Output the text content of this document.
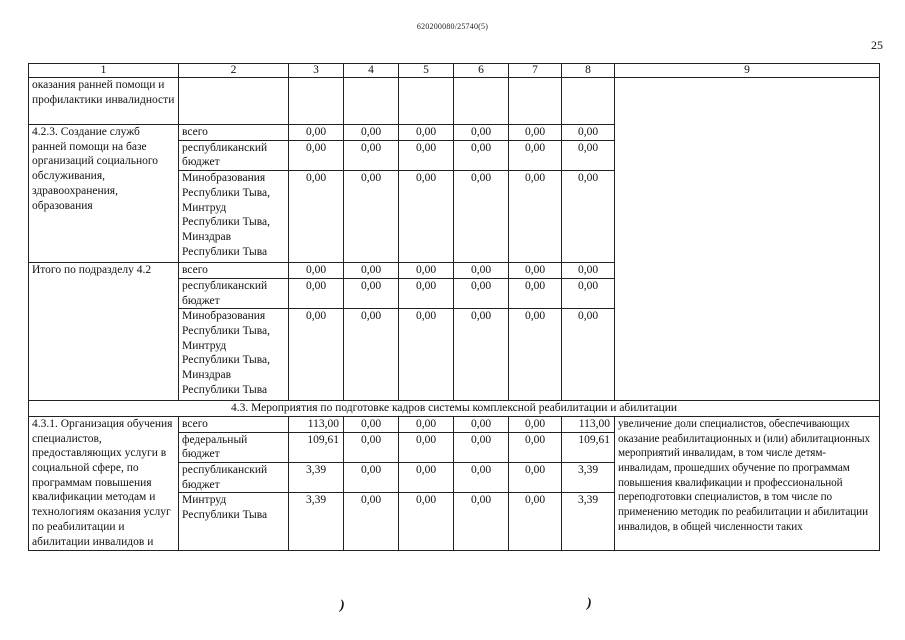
620200080/25740(5)
25
1	2	3	4	5	6	7	8	9
оказания ранней помощи и профилактики инвалидности								
4.2.3. Создание служб ранней помощи на базе организаций социального обслуживания, здравоохранения, образования	всего	0,00	0,00	0,00	0,00	0,00	0,00	
	республиканский бюджет	0,00	0,00	0,00	0,00	0,00	0,00	
	Минобразования Республики Тыва, Минтруд Республики Тыва, Минздрав Республики Тыва	0,00	0,00	0,00	0,00	0,00	0,00	
Итого по подразделу 4.2	всего	0,00	0,00	0,00	0,00	0,00	0,00	
	республиканский бюджет	0,00	0,00	0,00	0,00	0,00	0,00	
	Минобразования Республики Тыва, Минтруд Республики Тыва, Минздрав Республики Тыва	0,00	0,00	0,00	0,00	0,00	0,00	
4.3. Мероприятия по подготовке кадров системы комплексной реабилитации и абилитации								
4.3.1. Организация обучения специалистов, предоставляющих услуги в социальной сфере, по программам повышения квалификации методам и технологиям оказания услуг по реабилитации и абилитации инвалидов и	всего	113,00	0,00	0,00	0,00	0,00	113,00	увеличение доли специалистов, обеспечивающих оказание реабилитационных и (или) абилитационных мероприятий инвалидам, в том числе детям-инвалидам, прошедших обучение по программам повышения квалификации и профессиональной переподготовки специалистов, в том числе по применению методик по реабилитации и абилитации инвалидов, в общей численности таких
	федеральный бюджет	109,61	0,00	0,00	0,00	0,00	109,61	
	республиканский бюджет	3,39	0,00	0,00	0,00	0,00	3,39	
	Минтруд Республики Тыва	3,39	0,00	0,00	0,00	0,00	3,39	
)	)
